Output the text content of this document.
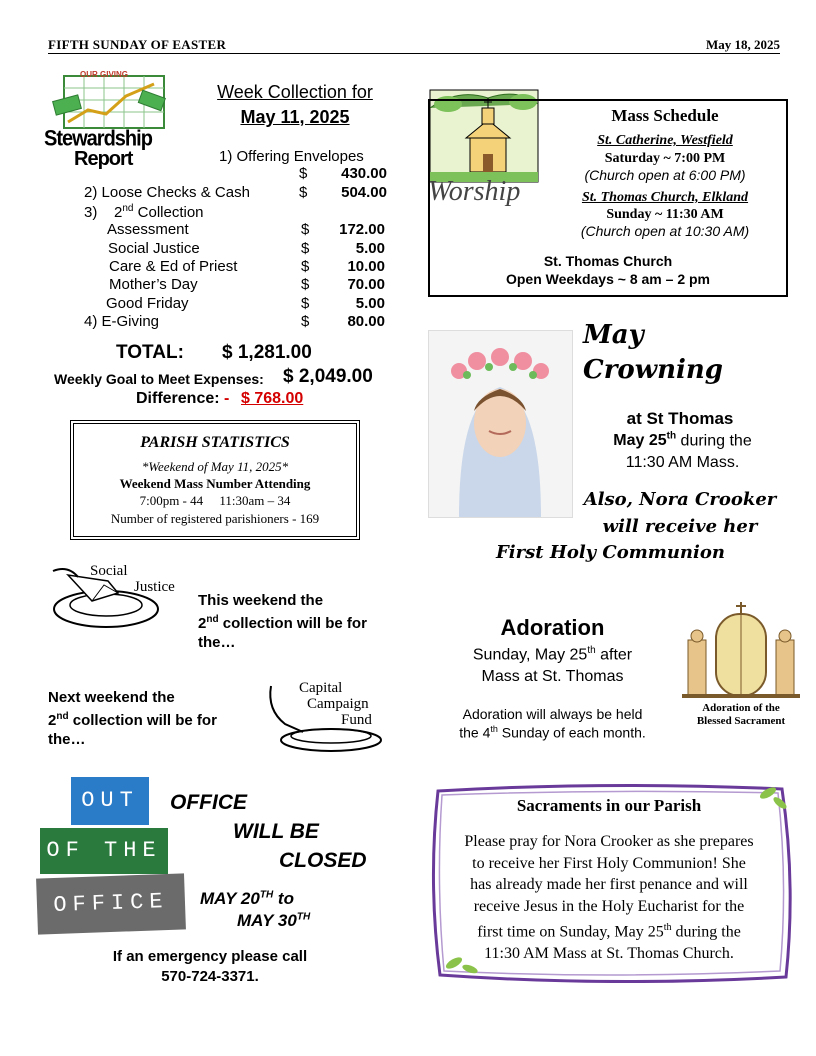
FIFTH SUNDAY OF EASTER	May 18, 2025
OUR GIVING
Stewardship
Report
Week Collection for
May 11, 2025
1) Offering Envelopes
$	430.00
2) Loose Checks & Cash	$	504.00
3)    2nd Collection
Assessment	$	172.00
Social Justice	$	5.00
Care & Ed of Priest	$	10.00
Mother’s Day	$	70.00
Good Friday	$	5.00
4) E-Giving	$	80.00
TOTAL: $ 1,281.00
Weekly Goal to Meet Expenses: $ 2,049.00
Difference: - $ 768.00
PARISH STATISTICS
*Weekend of May 11, 2025*
Weekend Mass Number Attending
7:00pm - 44     11:30am – 34
Number of registered parishioners - 169
Social
Justice
This weekend the
2nd collection will be for
the…
Next weekend the
2nd collection will be for
the…
Capital
Campaign
Fund
OUT
OF THE
OFFICE
OFFICE
WILL BE
CLOSED
MAY 20TH to
MAY 30TH
If an emergency please call
570-724-3371.
Worship
Mass Schedule
St. Catherine, Westfield
Saturday ~ 7:00 PM
(Church open at 6:00 PM)
St. Thomas Church, Elkland
Sunday ~ 11:30 AM
(Church open at 10:30 AM)
St. Thomas Church
Open Weekdays ~ 8 am – 2 pm
May
Crowning
at St Thomas
May 25th during the
11:30 AM Mass.
Also, Nora Crooker
will receive her
First Holy Communion
Adoration
Sunday, May 25th after
Mass at St. Thomas
Adoration will always be held
the 4th Sunday of each month.
Adoration of the
Blessed Sacrament
Sacraments in our Parish
Please pray for Nora Crooker as she prepares
to receive her First Holy Communion! She
has already made her first penance and will
receive Jesus in the Holy Eucharist for the
first time on Sunday, May 25th during the
11:30 AM Mass at St. Thomas Church.
